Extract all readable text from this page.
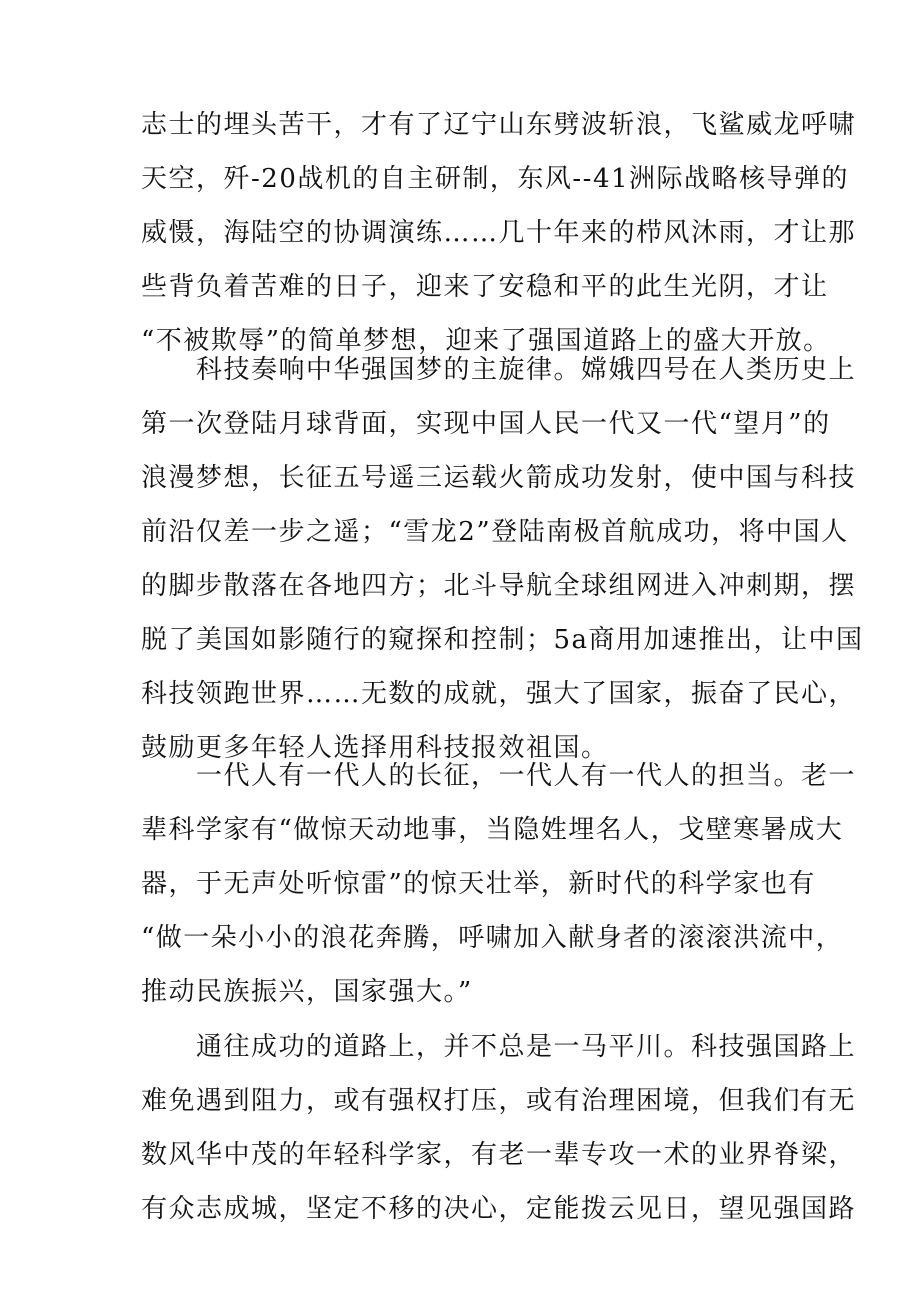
志士的埋头苦干，才有了辽宁山东劈波斩浪，飞鲨威龙呼啸
天空，歼-20战机的自主研制，东风--41洲际战略核导弹的
威慑，海陆空的协调演练……几十年来的栉风沐雨，才让那
些背负着苦难的日子，迎来了安稳和平的此生光阴，才让
“不被欺辱”的简单梦想，迎来了强国道路上的盛大开放。
　　科技奏响中华强国梦的主旋律。嫦娥四号在人类历史上
第一次登陆月球背面，实现中国人民一代又一代“望月”的
浪漫梦想，长征五号遥三运载火箭成功发射，使中国与科技
前沿仅差一步之遥；“雪龙2”登陆南极首航成功，将中国人
的脚步散落在各地四方；北斗导航全球组网进入冲刺期，摆
脱了美国如影随行的窥探和控制；5a商用加速推出，让中国
科技领跑世界……无数的成就，强大了国家，振奋了民心，
鼓励更多年轻人选择用科技报效祖国。
　　一代人有一代人的长征，一代人有一代人的担当。老一
辈科学家有“做惊天动地事，当隐姓埋名人，戈壁寒暑成大
器，于无声处听惊雷”的惊天壮举，新时代的科学家也有
“做一朵小小的浪花奔腾，呼啸加入献身者的滚滚洪流中，
推动民族振兴，国家强大。”
　　通往成功的道路上，并不总是一马平川。科技强国路上
难免遇到阻力，或有强权打压，或有治理困境，但我们有无
数风华中茂的年轻科学家，有老一辈专攻一术的业界脊梁，
有众志成城，坚定不移的决心，定能拨云见日，望见强国路
